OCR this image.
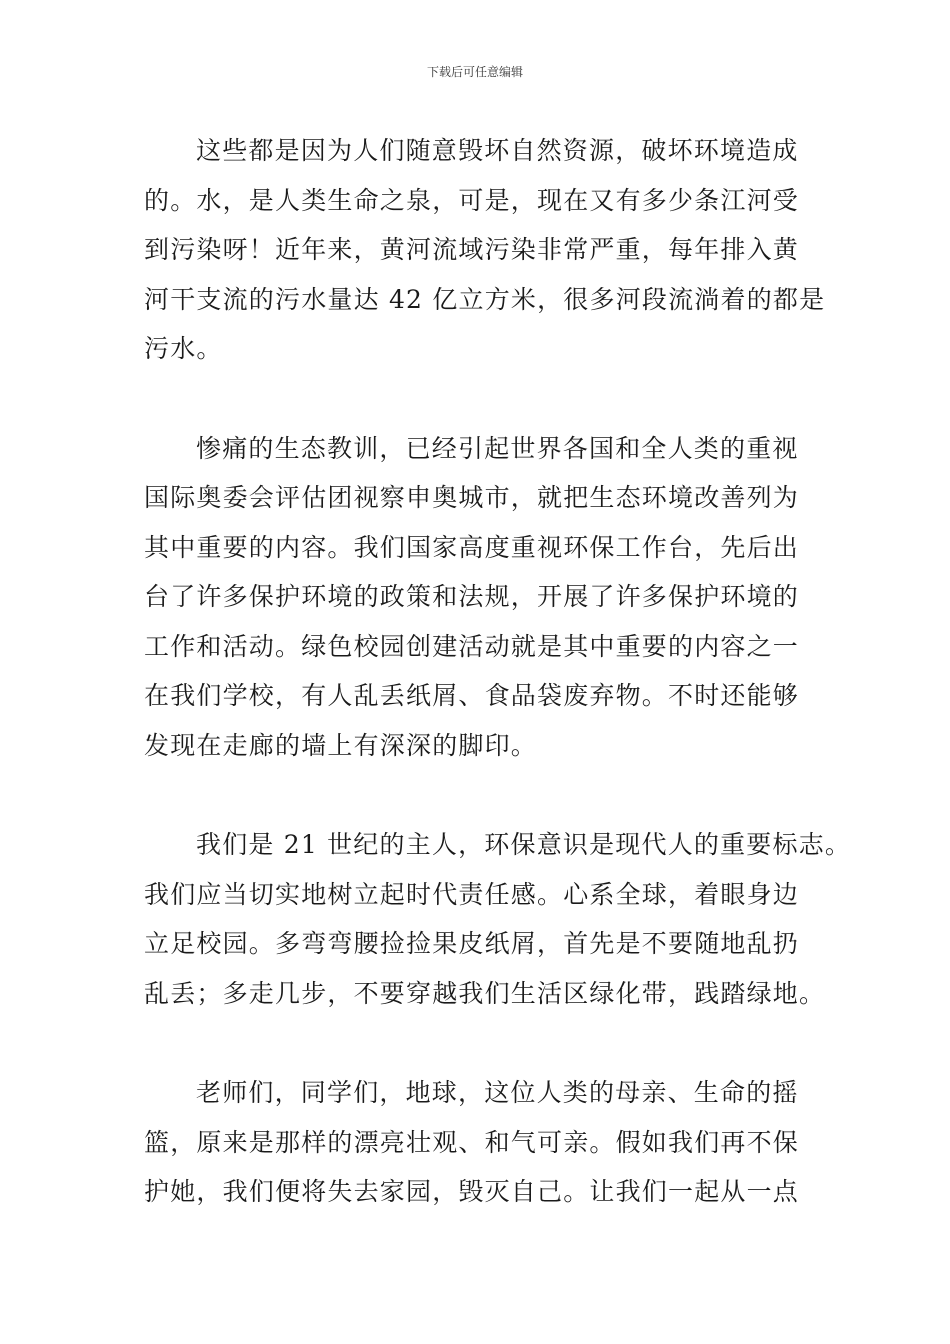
下载后可任意编辑

这些都是因为人们随意毁坏自然资源，破坏环境造成
的。水，是人类生命之泉，可是，现在又有多少条江河受
到污染呀！近年来，黄河流域污染非常严重，每年排入黄
河干支流的污水量达 42 亿立方米，很多河段流淌着的都是
污水。

惨痛的生态教训，已经引起世界各国和全人类的重视
国际奥委会评估团视察申奥城市，就把生态环境改善列为
其中重要的内容。我们国家高度重视环保工作台，先后出
台了许多保护环境的政策和法规，开展了许多保护环境的
工作和活动。绿色校园创建活动就是其中重要的内容之一
在我们学校，有人乱丢纸屑、食品袋废弃物。不时还能够
发现在走廊的墙上有深深的脚印。

我们是 21 世纪的主人，环保意识是现代人的重要标志。
我们应当切实地树立起时代责任感。心系全球，着眼身边
立足校园。多弯弯腰捡捡果皮纸屑，首先是不要随地乱扔
乱丢；多走几步，不要穿越我们生活区绿化带，践踏绿地。

老师们，同学们，地球，这位人类的母亲、生命的摇
篮，原来是那样的漂亮壮观、和气可亲。假如我们再不保
护她，我们便将失去家园，毁灭自己。让我们一起从一点
